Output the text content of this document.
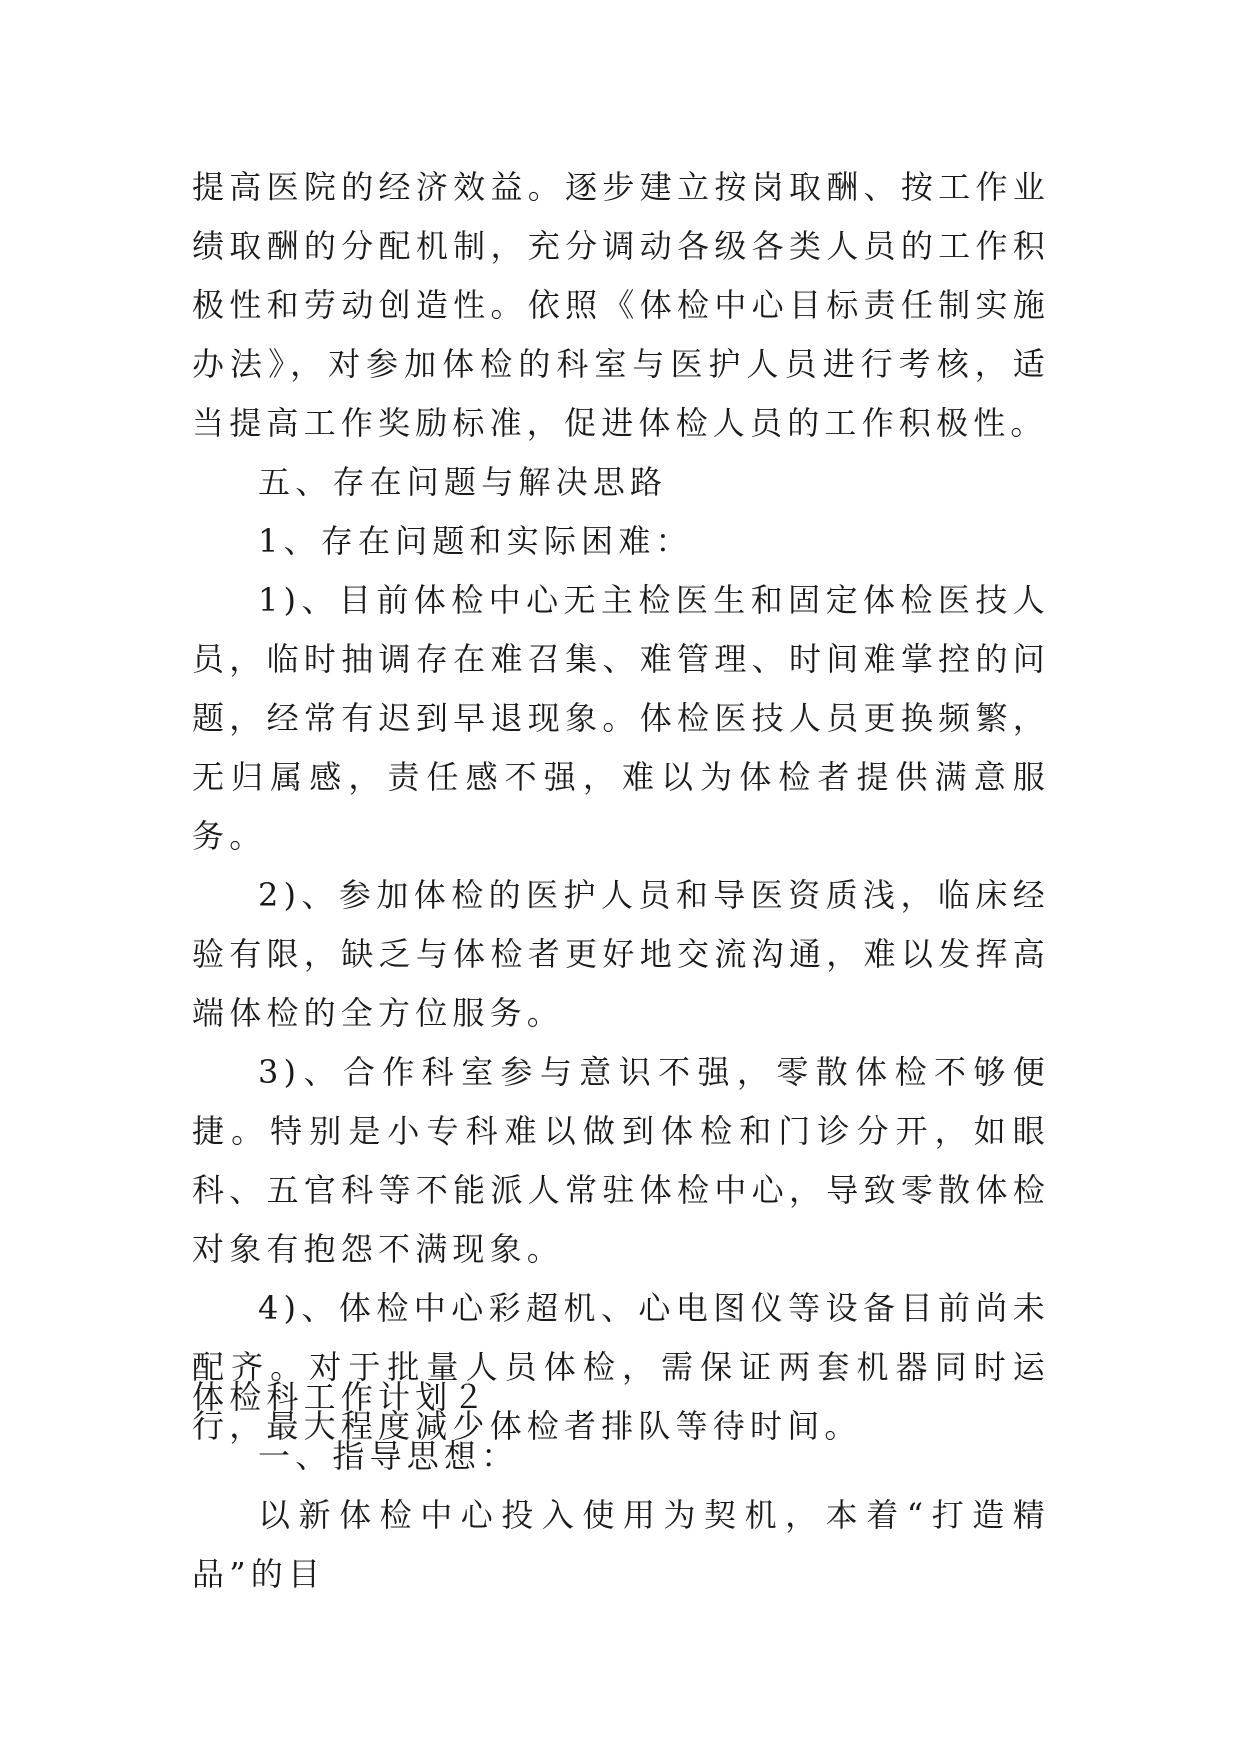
提高医院的经济效益。逐步建立按岗取酬、按工作业绩取酬的分配机制，充分调动各级各类人员的工作积极性和劳动创造性。依照《体检中心目标责任制实施办法》，对参加体检的科室与医护人员进行考核，适当提高工作奖励标准，促进体检人员的工作积极性。

五、存在问题与解决思路

1、存在问题和实际困难：

1)、目前体检中心无主检医生和固定体检医技人员，临时抽调存在难召集、难管理、时间难掌控的问题，经常有迟到早退现象。体检医技人员更换频繁，无归属感，责任感不强，难以为体检者提供满意服务。

2)、参加体检的医护人员和导医资质浅，临床经验有限，缺乏与体检者更好地交流沟通，难以发挥高端体检的全方位服务。

3)、合作科室参与意识不强，零散体检不够便捷。特别是小专科难以做到体检和门诊分开，如眼科、五官科等不能派人常驻体检中心，导致零散体检对象有抱怨不满现象。

4)、体检中心彩超机、心电图仪等设备目前尚未配齐。对于批量人员体检，需保证两套机器同时运行，最大程度减少体检者排队等待时间。

体检科工作计划２

一、指导思想：

以新体检中心投入使用为契机，本着“打造精品”的目
